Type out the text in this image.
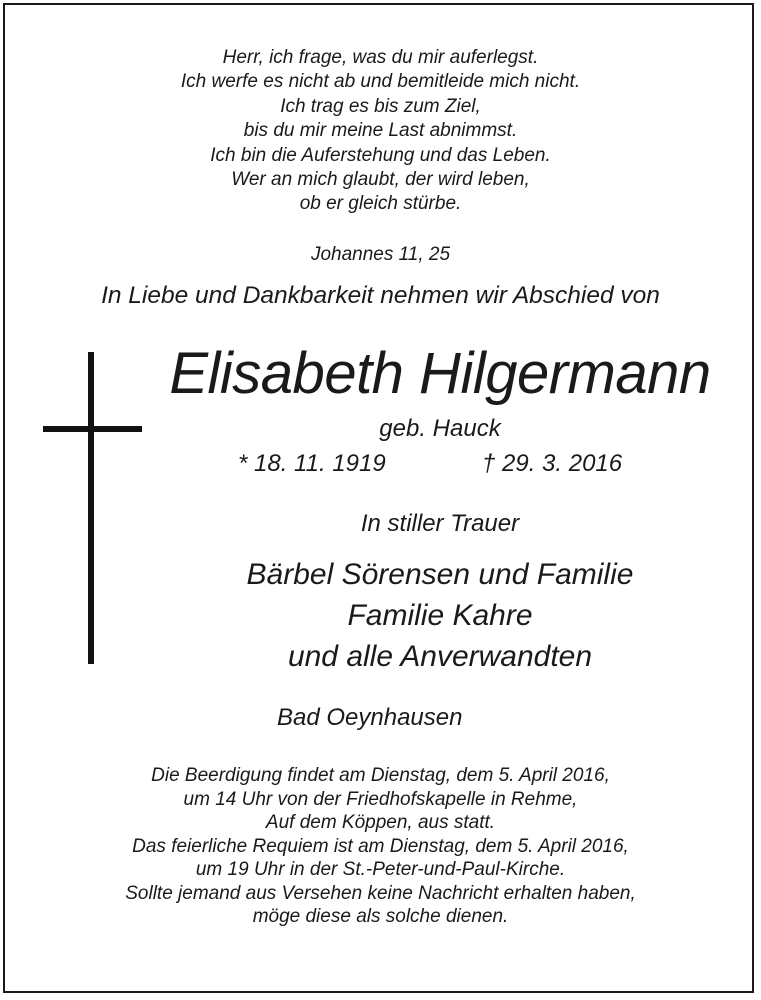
Herr, ich frage, was du mir auferlegst.
Ich werfe es nicht ab und bemitleide mich nicht.
Ich trag es bis zum Ziel,
bis du mir meine Last abnimmst.
Ich bin die Auferstehung und das Leben.
Wer an mich glaubt, der wird leben,
ob er gleich stürbe.
Johannes 11, 25
In Liebe und Dankbarkeit nehmen wir Abschied von
Elisabeth Hilgermann
geb. Hauck
* 18. 11. 1919	† 29. 3. 2016
In stiller Trauer
Bärbel Sörensen und Familie
Familie Kahre
und alle Anverwandten
Bad Oeynhausen
Die Beerdigung findet am Dienstag, dem 5. April 2016,
um 14 Uhr von der Friedhofskapelle in Rehme,
Auf dem Köppen, aus statt.
Das feierliche Requiem ist am Dienstag, dem 5. April 2016,
um 19 Uhr in der St.-Peter-und-Paul-Kirche.
Sollte jemand aus Versehen keine Nachricht erhalten haben,
möge diese als solche dienen.
